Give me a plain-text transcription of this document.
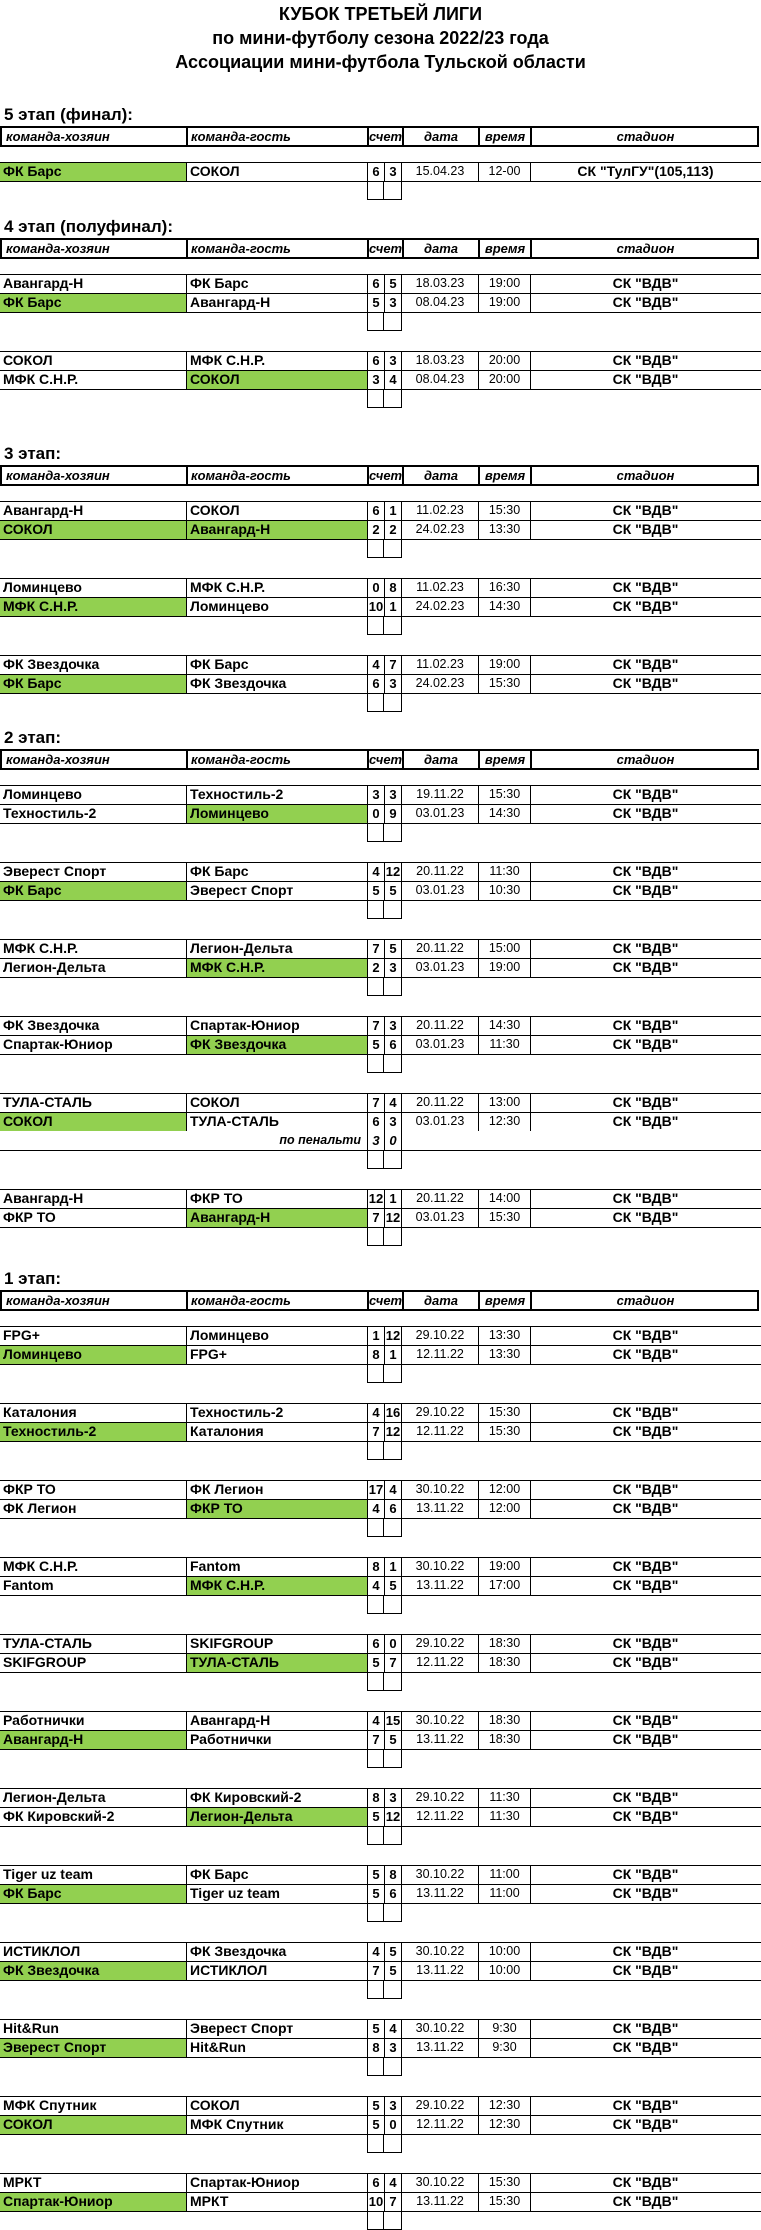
КУБОК ТРЕТЬЕЙ ЛИГИ
по мини-футболу сезона 2022/23 года
Ассоциации мини-футбола Тульской области
5 этап (финал):
команда-хозяин	команда-гость	счет	дата	время	стадион
ФК Барс	СОКОЛ	6 3	15.04.23	12-00	СК "ТулГУ"(105,113)
4 этап (полуфинал):
команда-хозяин	команда-гость	счет	дата	время	стадион
Авангард-Н	ФК Барс	6 5	18.03.23	19:00	СК "ВДВ"
ФК Барс	Авангард-Н	5 3	08.04.23	19:00	СК "ВДВ"
СОКОЛ	МФК С.Н.Р.	6 3	18.03.23	20:00	СК "ВДВ"
МФК С.Н.Р.	СОКОЛ	3 4	08.04.23	20:00	СК "ВДВ"
3 этап:
команда-хозяин	команда-гость	счет	дата	время	стадион
Авангард-Н	СОКОЛ	6 1	11.02.23	15:30	СК "ВДВ"
СОКОЛ	Авангард-Н	2 2	24.02.23	13:30	СК "ВДВ"
Ломинцево	МФК С.Н.Р.	0 8	11.02.23	16:30	СК "ВДВ"
МФК С.Н.Р.	Ломинцево	10 1	24.02.23	14:30	СК "ВДВ"
ФК Звездочка	ФК Барс	4 7	11.02.23	19:00	СК "ВДВ"
ФК Барс	ФК Звездочка	6 3	24.02.23	15:30	СК "ВДВ"
2 этап:
команда-хозяин	команда-гость	счет	дата	время	стадион
Ломинцево	Техностиль-2	3 3	19.11.22	15:30	СК "ВДВ"
Техностиль-2	Ломинцево	0 9	03.01.23	14:30	СК "ВДВ"
Эверест Спорт	ФК Барс	4 12	20.11.22	11:30	СК "ВДВ"
ФК Барс	Эверест Спорт	5 5	03.01.23	10:30	СК "ВДВ"
МФК С.Н.Р.	Легион-Дельта	7 5	20.11.22	15:00	СК "ВДВ"
Легион-Дельта	МФК С.Н.Р.	2 3	03.01.23	19:00	СК "ВДВ"
ФК Звездочка	Спартак-Юниор	7 3	20.11.22	14:30	СК "ВДВ"
Спартак-Юниор	ФК Звездочка	5 6	03.01.23	11:30	СК "ВДВ"
ТУЛА-СТАЛЬ	СОКОЛ	7 4	20.11.22	13:00	СК "ВДВ"
СОКОЛ	ТУЛА-СТАЛЬ	6 3	03.01.23	12:30	СК "ВДВ"
по пенальти 3 0
Авангард-Н	ФКР ТО	12 1	20.11.22	14:00	СК "ВДВ"
ФКР ТО	Авангард-Н	7 12	03.01.23	15:30	СК "ВДВ"
1 этап:
команда-хозяин	команда-гость	счет	дата	время	стадион
FPG+	Ломинцево	1 12	29.10.22	13:30	СК "ВДВ"
Ломинцево	FPG+	8 1	12.11.22	13:30	СК "ВДВ"
Каталония	Техностиль-2	4 16	29.10.22	15:30	СК "ВДВ"
Техностиль-2	Каталония	7 12	12.11.22	15:30	СК "ВДВ"
ФКР ТО	ФК Легион	17 4	30.10.22	12:00	СК "ВДВ"
ФК Легион	ФКР ТО	4 6	13.11.22	12:00	СК "ВДВ"
МФК С.Н.Р.	Fantom	8 1	30.10.22	19:00	СК "ВДВ"
Fantom	МФК С.Н.Р.	4 5	13.11.22	17:00	СК "ВДВ"
ТУЛА-СТАЛЬ	SKIFGROUP	6 0	29.10.22	18:30	СК "ВДВ"
SKIFGROUP	ТУЛА-СТАЛЬ	5 7	12.11.22	18:30	СК "ВДВ"
Работнички	Авангард-Н	4 15	30.10.22	18:30	СК "ВДВ"
Авангард-Н	Работнички	7 5	13.11.22	18:30	СК "ВДВ"
Легион-Дельта	ФК Кировский-2	8 3	29.10.22	11:30	СК "ВДВ"
ФК Кировский-2	Легион-Дельта	5 12	12.11.22	11:30	СК "ВДВ"
Tiger uz team	ФК Барс	5 8	30.10.22	11:00	СК "ВДВ"
ФК Барс	Tiger uz team	5 6	13.11.22	11:00	СК "ВДВ"
ИСТИКЛОЛ	ФК Звездочка	4 5	30.10.22	10:00	СК "ВДВ"
ФК Звездочка	ИСТИКЛОЛ	7 5	13.11.22	10:00	СК "ВДВ"
Hit&Run	Эверест Спорт	5 4	30.10.22	9:30	СК "ВДВ"
Эверест Спорт	Hit&Run	8 3	13.11.22	9:30	СК "ВДВ"
МФК Спутник	СОКОЛ	5 3	29.10.22	12:30	СК "ВДВ"
СОКОЛ	МФК Спутник	5 0	12.11.22	12:30	СК "ВДВ"
МРКТ	Спартак-Юниор	6 4	30.10.22	15:30	СК "ВДВ"
Спартак-Юниор	МРКТ	10 7	13.11.22	15:30	СК "ВДВ"
